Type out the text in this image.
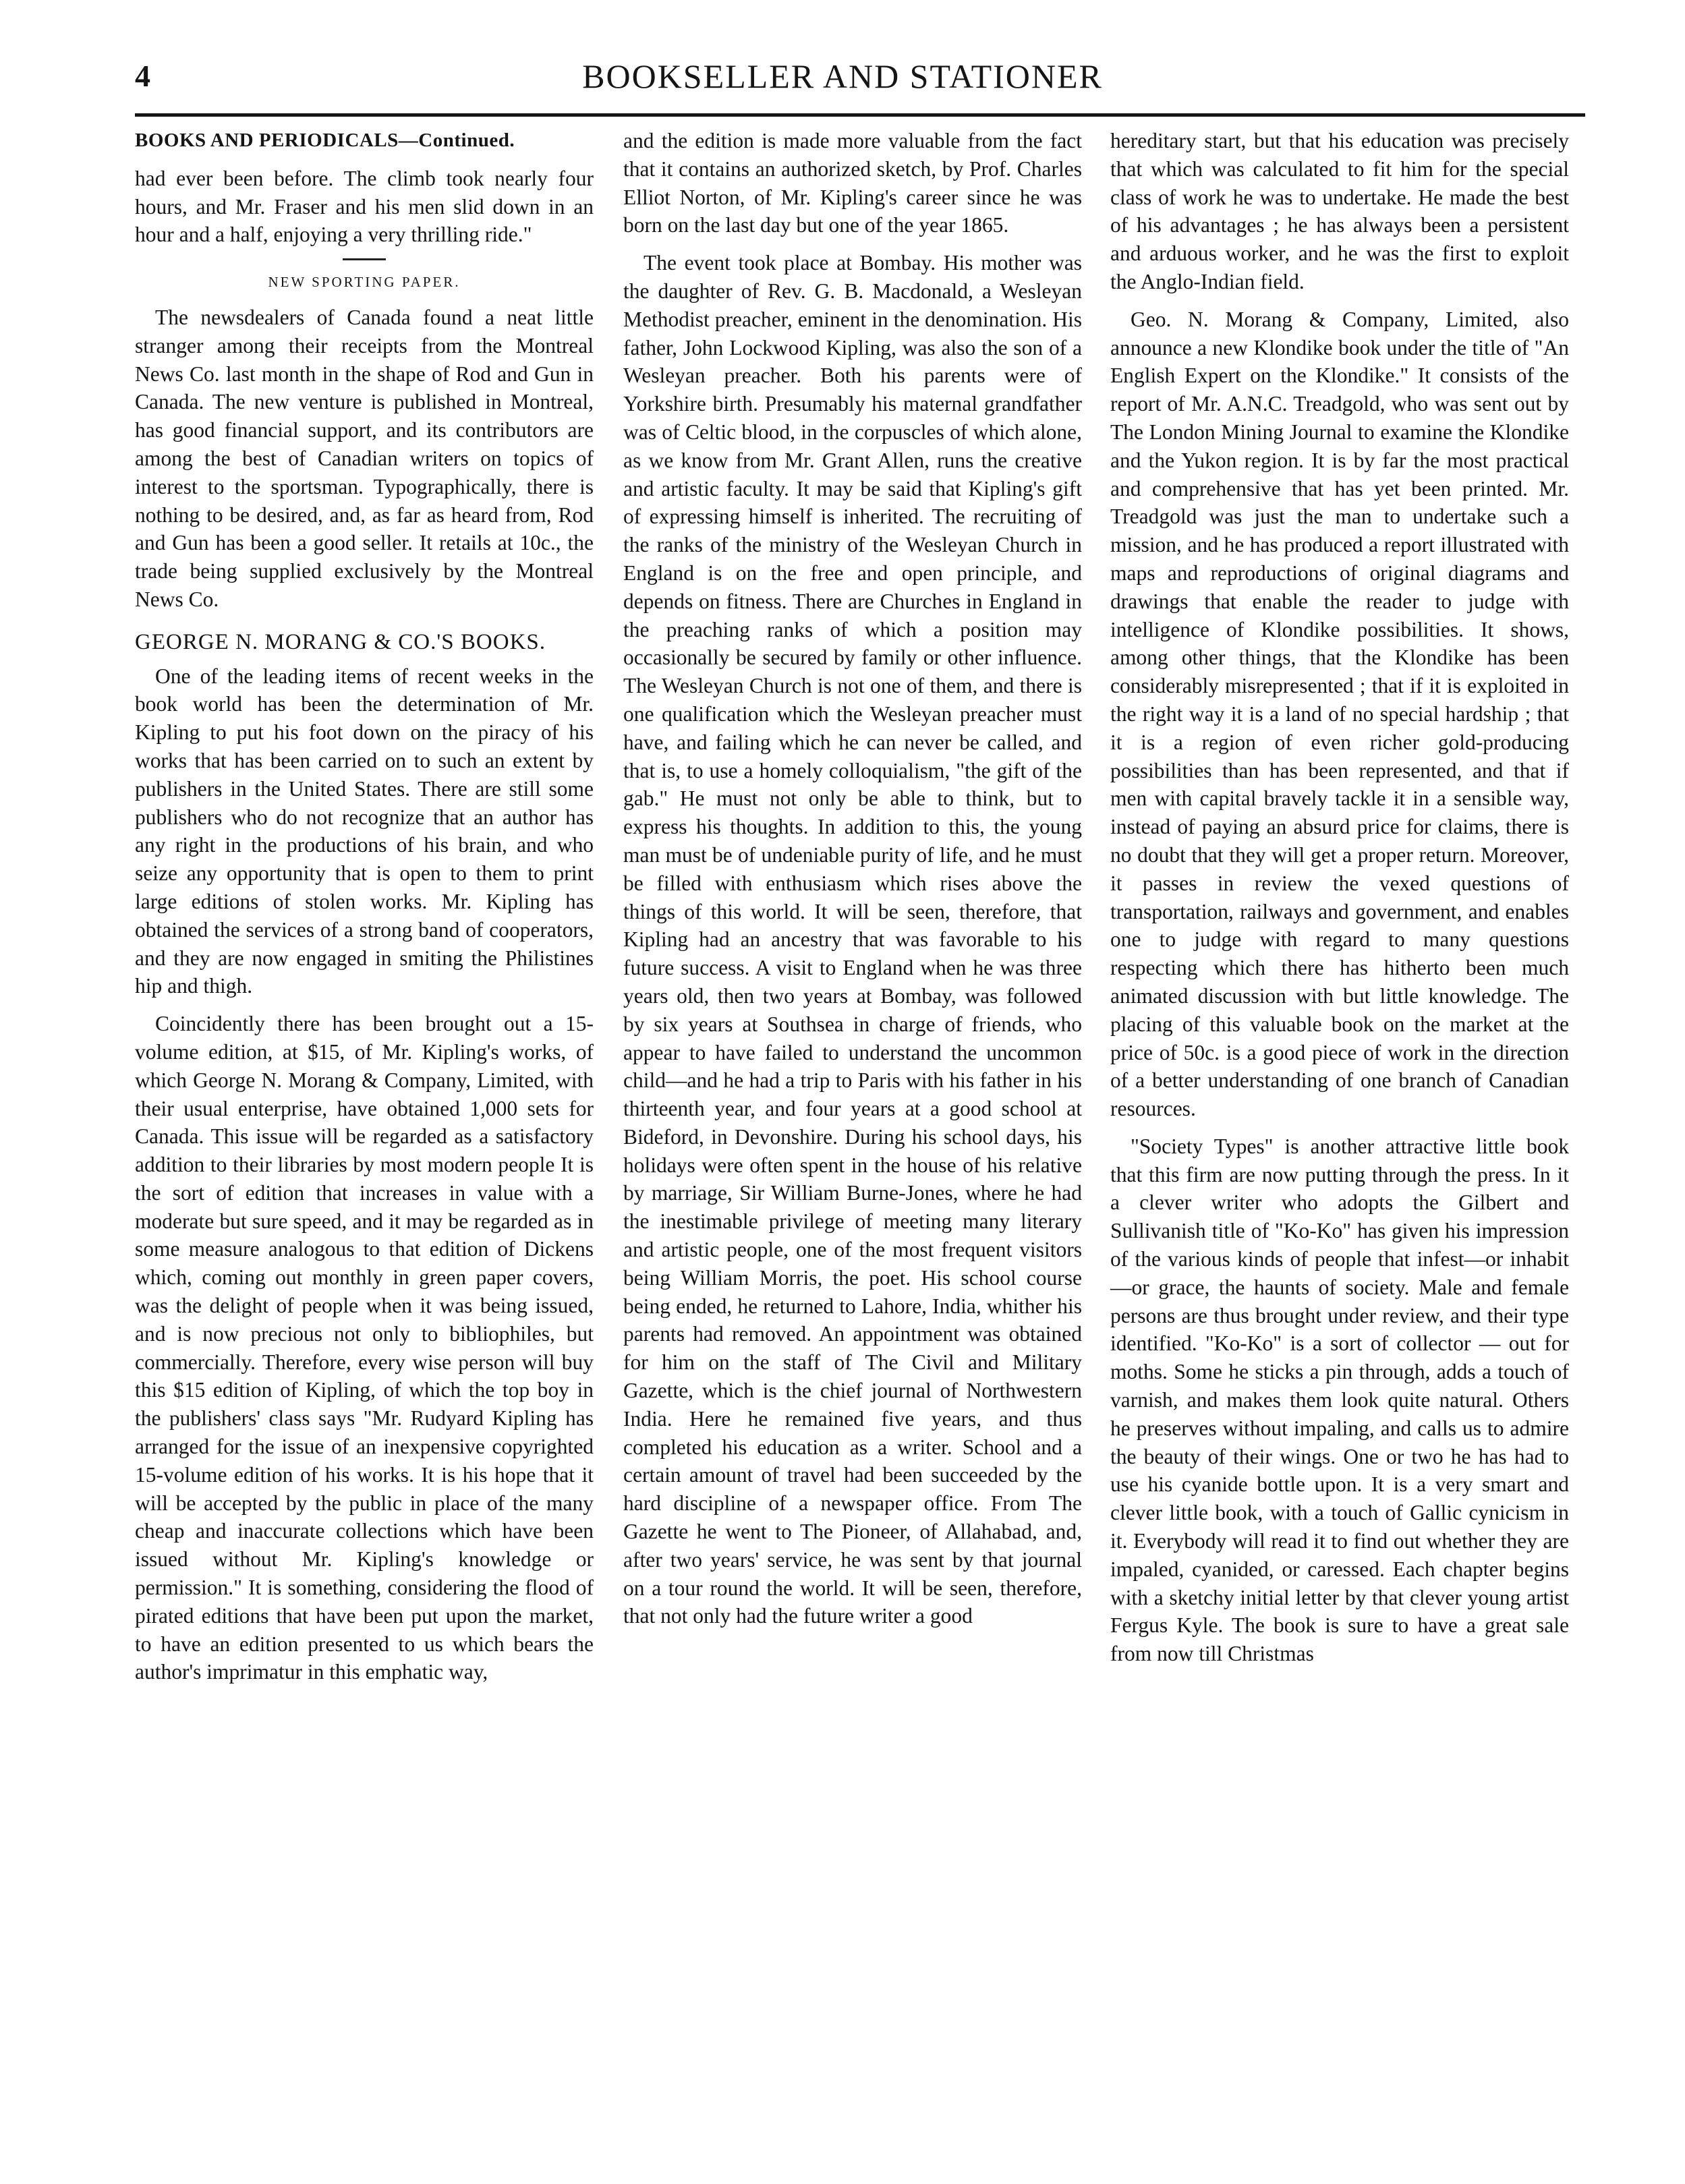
4	BOOKSELLER AND STATIONER

BOOKS AND PERIODICALS—Continued.

had ever been before. The climb took nearly four hours, and Mr. Fraser and his men slid down in an hour and a half, enjoying a very thrilling ride."

NEW SPORTING PAPER.

The newsdealers of Canada found a neat little stranger among their receipts from the Montreal News Co. last month in the shape of Rod and Gun in Canada. The new venture is published in Montreal, has good financial support, and its contributors are among the best of Canadian writers on topics of interest to the sportsman. Typographically, there is nothing to be desired, and, as far as heard from, Rod and Gun has been a good seller. It retails at 10c., the trade being supplied exclusively by the Montreal News Co.

GEORGE N. MORANG & CO.'S BOOKS.

One of the leading items of recent weeks in the book world has been the determination of Mr. Kipling to put his foot down on the piracy of his works that has been carried on to such an extent by publishers in the United States. There are still some publishers who do not recognize that an author has any right in the productions of his brain, and who seize any opportunity that is open to them to print large editions of stolen works. Mr. Kipling has obtained the services of a strong band of cooperators, and they are now engaged in smiting the Philistines hip and thigh.

Coincidently there has been brought out a 15-volume edition, at $15, of Mr. Kipling's works, of which George N. Morang & Company, Limited, with their usual enterprise, have obtained 1,000 sets for Canada. This issue will be regarded as a satisfactory addition to their libraries by most modern people It is the sort of edition that increases in value with a moderate but sure speed, and it may be regarded as in some measure analogous to that edition of Dickens which, coming out monthly in green paper covers, was the delight of people when it was being issued, and is now precious not only to bibliophiles, but commercially. Therefore, every wise person will buy this $15 edition of Kipling, of which the top boy in the publishers' class says "Mr. Rudyard Kipling has arranged for the issue of an inexpensive copyrighted 15-volume edition of his works. It is his hope that it will be accepted by the public in place of the many cheap and inaccurate collections which have been issued without Mr. Kipling's knowledge or permission." It is something, considering the flood of pirated editions that have been put upon the market, to have an edition presented to us which bears the author's imprimatur in this emphatic way,

and the edition is made more valuable from the fact that it contains an authorized sketch, by Prof. Charles Elliot Norton, of Mr. Kipling's career since he was born on the last day but one of the year 1865.

The event took place at Bombay. His mother was the daughter of Rev. G. B. Macdonald, a Wesleyan Methodist preacher, eminent in the denomination. His father, John Lockwood Kipling, was also the son of a Wesleyan preacher. Both his parents were of Yorkshire birth. Presumably his maternal grandfather was of Celtic blood, in the corpuscles of which alone, as we know from Mr. Grant Allen, runs the creative and artistic faculty. It may be said that Kipling's gift of expressing himself is inherited. The recruiting of the ranks of the ministry of the Wesleyan Church in England is on the free and open principle, and depends on fitness. There are Churches in England in the preaching ranks of which a position may occasionally be secured by family or other influence. The Wesleyan Church is not one of them, and there is one qualification which the Wesleyan preacher must have, and failing which he can never be called, and that is, to use a homely colloquialism, "the gift of the gab." He must not only be able to think, but to express his thoughts. In addition to this, the young man must be of undeniable purity of life, and he must be filled with enthusiasm which rises above the things of this world. It will be seen, therefore, that Kipling had an ancestry that was favorable to his future success. A visit to England when he was three years old, then two years at Bombay, was followed by six years at Southsea in charge of friends, who appear to have failed to understand the uncommon child—and he had a trip to Paris with his father in his thirteenth year, and four years at a good school at Bideford, in Devonshire. During his school days, his holidays were often spent in the house of his relative by marriage, Sir William Burne-Jones, where he had the inestimable privilege of meeting many literary and artistic people, one of the most frequent visitors being William Morris, the poet. His school course being ended, he returned to Lahore, India, whither his parents had removed. An appointment was obtained for him on the staff of The Civil and Military Gazette, which is the chief journal of Northwestern India. Here he remained five years, and thus completed his education as a writer. School and a certain amount of travel had been succeeded by the hard discipline of a newspaper office. From The Gazette he went to The Pioneer, of Allahabad, and, after two years' service, he was sent by that journal on a tour round the world. It will be seen, therefore, that not only had the future writer a good

hereditary start, but that his education was precisely that which was calculated to fit him for the special class of work he was to undertake. He made the best of his advantages ; he has always been a persistent and arduous worker, and he was the first to exploit the Anglo-Indian field.

Geo. N. Morang & Company, Limited, also announce a new Klondike book under the title of "An English Expert on the Klondike." It consists of the report of Mr. A.N.C. Treadgold, who was sent out by The London Mining Journal to examine the Klondike and the Yukon region. It is by far the most practical and comprehensive that has yet been printed. Mr. Treadgold was just the man to undertake such a mission, and he has produced a report illustrated with maps and reproductions of original diagrams and drawings that enable the reader to judge with intelligence of Klondike possibilities. It shows, among other things, that the Klondike has been considerably misrepresented ; that if it is exploited in the right way it is a land of no special hardship ; that it is a region of even richer gold-producing possibilities than has been represented, and that if men with capital bravely tackle it in a sensible way, instead of paying an absurd price for claims, there is no doubt that they will get a proper return. Moreover, it passes in review the vexed questions of transportation, railways and government, and enables one to judge with regard to many questions respecting which there has hitherto been much animated discussion with but little knowledge. The placing of this valuable book on the market at the price of 50c. is a good piece of work in the direction of a better understanding of one branch of Canadian resources.

"Society Types" is another attractive little book that this firm are now putting through the press. In it a clever writer who adopts the Gilbert and Sullivanish title of "Ko-Ko" has given his impression of the various kinds of people that infest—or inhabit—or grace, the haunts of society. Male and female persons are thus brought under review, and their type identified. "Ko-Ko" is a sort of collector — out for moths. Some he sticks a pin through, adds a touch of varnish, and makes them look quite natural. Others he preserves without impaling, and calls us to admire the beauty of their wings. One or two he has had to use his cyanide bottle upon. It is a very smart and clever little book, with a touch of Gallic cynicism in it. Everybody will read it to find out whether they are impaled, cyanided, or caressed. Each chapter begins with a sketchy initial letter by that clever young artist Fergus Kyle. The book is sure to have a great sale from now till Christmas
